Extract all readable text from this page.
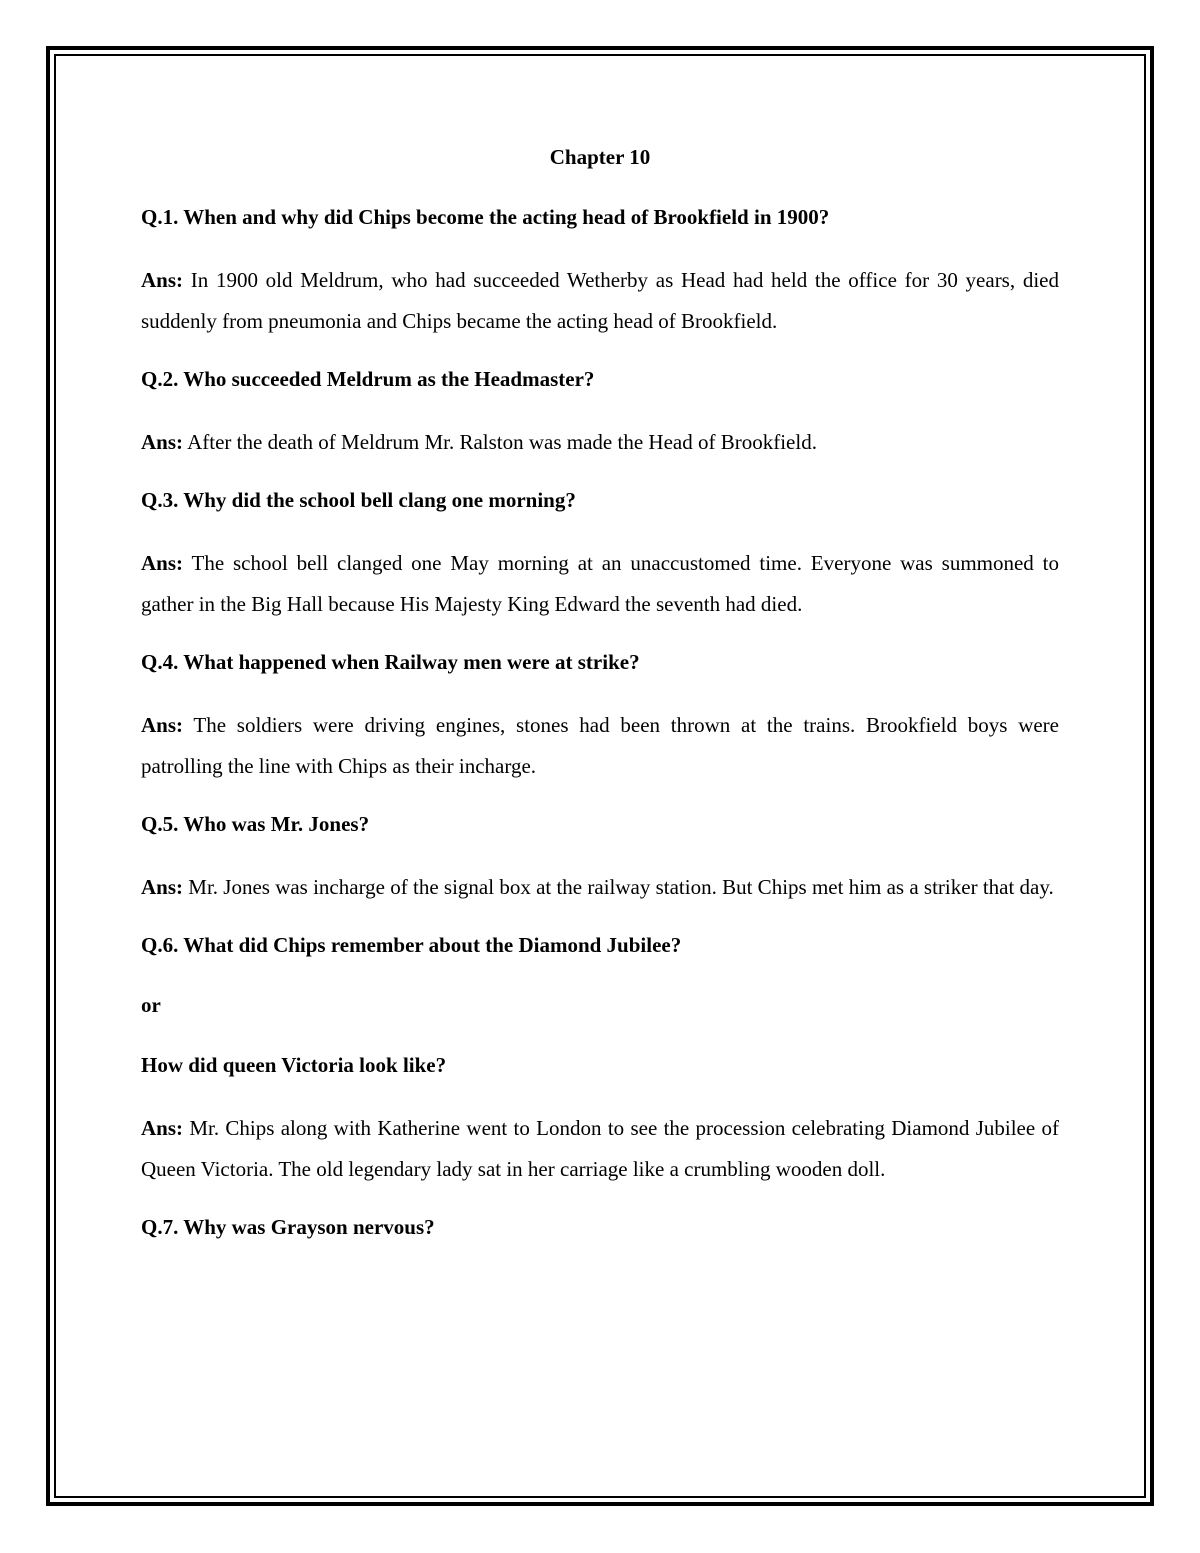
Chapter 10
Q.1. When and why did Chips become the acting head of Brookfield in 1900?
Ans: In 1900 old Meldrum, who had succeeded Wetherby as Head had held the office for 30 years, died suddenly from pneumonia and Chips became the acting head of Brookfield.
Q.2. Who succeeded Meldrum as the Headmaster?
Ans: After the death of Meldrum Mr. Ralston was made the Head of Brookfield.
Q.3. Why did the school bell clang one morning?
Ans: The school bell clanged one May morning at an unaccustomed time. Everyone was summoned to gather in the Big Hall because His Majesty King Edward the seventh had died.
Q.4. What happened when Railway men were at strike?
Ans: The soldiers were driving engines, stones had been thrown at the trains. Brookfield boys were patrolling the line with Chips as their incharge.
Q.5. Who was Mr. Jones?
Ans: Mr. Jones was incharge of the signal box at the railway station. But Chips met him as a striker that day.
Q.6. What did Chips remember about the Diamond Jubilee?
or
How did queen Victoria look like?
Ans: Mr. Chips along with Katherine went to London to see the procession celebrating Diamond Jubilee of Queen Victoria. The old legendary lady sat in her carriage like a crumbling wooden doll.
Q.7. Why was Grayson nervous?
